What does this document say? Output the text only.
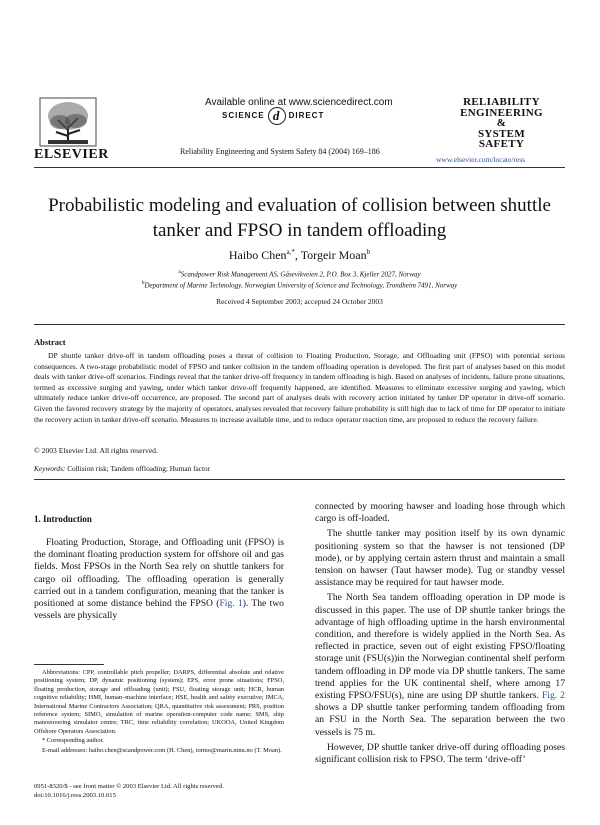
ELSEVIER
Available online at www.sciencedirect.com
SCIENCE d DIRECT
Reliability Engineering and System Safety 84 (2004) 169–186
RELIABILITY
ENGINEERING
&
SYSTEM
SAFETY
www.elsevier.com/locate/ress
Probabilistic modeling and evaluation of collision between shuttle tanker and FPSO in tandem offloading
Haibo Chen$^{a,*}$, Torgeir Moan$^b$
$^a$Scandpower Risk Management AS, Gåsevikveien 2, P.O. Box 3, Kjeller 2027, Norway
$^b$Department of Marine Technology, Norwegian University of Science and Technology, Trondheim 7491, Norway
Received 4 September 2003; accepted 24 October 2003
Abstract
DP shuttle tanker drive-off in tandem offloading poses a threat of collision to Floating Production, Storage, and Offloading unit (FPSO) with potential serious consequences. A two-stage probabilistic model of FPSO and tanker collision in the tandem offloading operation is developed. The first part of analyses based on this model deals with tanker drive-off scenarios. Findings reveal that the tanker drive-off frequency in tandem offloading is high. Based on analyses of incidents, failure prone situations, termed as excessive surging and yawing, under which tanker drive-off frequently happened, are identified. Measures to eliminate excessive surging and yawing, which ultimately reduce tanker drive-off occurrence, are proposed. The second part of analyses deals with recovery action initiated by tanker DP operator in drive-off scenario. Given the favored recovery strategy by the majority of operators, analyses revealed that recovery failure probability is still high due to lack of time for DP operator to initiate the recovery action in tanker drive-off scenario. Measures to increase available time, and to reduce operator reaction time, are proposed to reduce the recovery failure.
© 2003 Elsevier Ltd. All rights reserved.
Keywords: Collision risk; Tandem offloading; Human factor
1. Introduction

Floating Production, Storage, and Offloading unit (FPSO) is the dominant floating production system for offshore oil and gas fields. Most FPSOs in the North Sea rely on shuttle tankers for cargo oil offloading. The offloading operation is generally carried out in a tandem configuration, meaning that the tanker is positioned at some distance behind the FPSO (Fig. 1). The two vessels are physically

connected by mooring hawser and loading hose through which cargo is off-loaded.

The shuttle tanker may position itself by its own dynamic positioning system so that the hawser is not tensioned (DP mode), or by applying certain astern thrust and maintain a small tension on hawser (Taut hawser mode). Tug or standby vessel assistance may be required for taut hawser mode.

The North Sea tandem offloading operation in DP mode is discussed in this paper. The use of DP shuttle tanker brings the advantage of high offloading uptime in the harsh environmental condition, and therefore is widely applied in the North Sea. As reflected in practice, seven out of eight existing FPSO/floating storage unit (FSU(s))in the Norwegian continental shelf perform tandem offloading in DP mode via DP shuttle tankers. The same trend applies for the UK continental shelf, where among 17 existing FPSO/FSU(s), nine are using DP shuttle tankers. Fig. 2 shows a DP shuttle tanker performing tandem offloading from an FSU in the North Sea. The separation between the two vessels is 75 m.

However, DP shuttle tanker drive-off during offloading poses significant collision risk to FPSO. The term ‘drive-off’

Abbreviations: CPP, controllable pitch propeller; DARPS, differential absolute and relative positioning system; DP, dynamic positioning (system); EPS, error prone situations; FPSO, floating production, storage and offloading (unit); FSU, floating storage unit; HCR, human cognitive reliability; HMI, human–machine interface; HSE, health and safety executive; IMCA, International Marine Contractors Association; QRA, quantitative risk assessment; PRS, position reference system; SIMO, simulation of marine operation-computer code name; SMS, ship manoeuvering simulator centre; TRC, time reliability correlation; UKOOA, United Kingdom Offshore Operators Association.

* Corresponding author.

E-mail addresses: haibo.chen@scandpower.com (H. Chen), tormo@marin.ntnu.no (T. Moan).

0951-8320/$ - see front matter © 2003 Elsevier Ltd. All rights reserved.
doi:10.1016/j.ress.2003.10.015
